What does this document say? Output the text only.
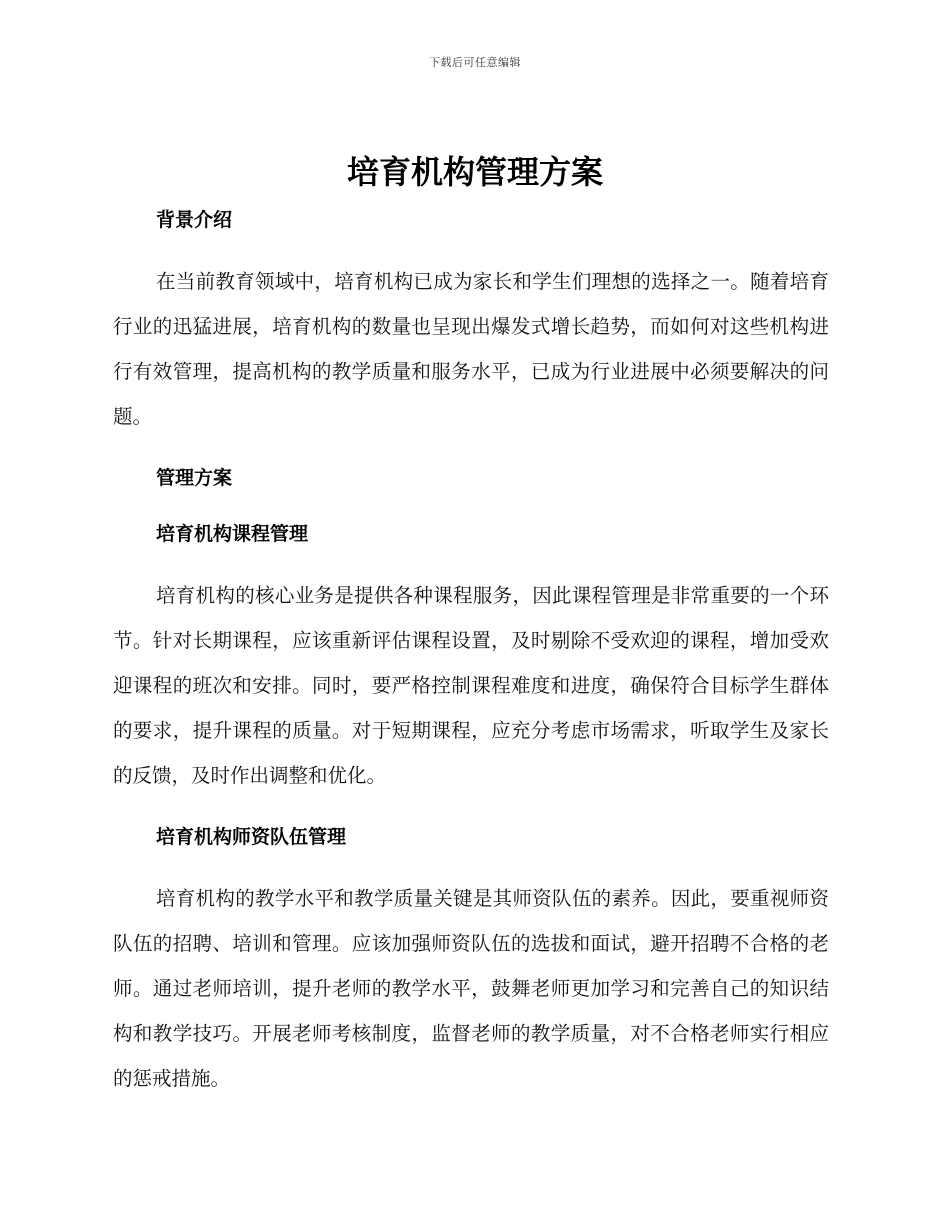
下载后可任意编辑
培育机构管理方案
背景介绍

在当前教育领域中，培育机构已成为家长和学生们理想的选择之一。随着培育行业的迅猛进展，培育机构的数量也呈现出爆发式增长趋势，而如何对这些机构进行有效管理，提高机构的教学质量和服务水平，已成为行业进展中必须要解决的问题。

管理方案
培育机构课程管理

培育机构的核心业务是提供各种课程服务，因此课程管理是非常重要的一个环节。针对长期课程，应该重新评估课程设置，及时剔除不受欢迎的课程，增加受欢迎课程的班次和安排。同时，要严格控制课程难度和进度，确保符合目标学生群体的要求，提升课程的质量。对于短期课程，应充分考虑市场需求，听取学生及家长的反馈，及时作出调整和优化。

培育机构师资队伍管理

培育机构的教学水平和教学质量关键是其师资队伍的素养。因此，要重视师资队伍的招聘、培训和管理。应该加强师资队伍的选拔和面试，避开招聘不合格的老师。通过老师培训，提升老师的教学水平，鼓舞老师更加学习和完善自己的知识结构和教学技巧。开展老师考核制度，监督老师的教学质量，对不合格老师实行相应的惩戒措施。
